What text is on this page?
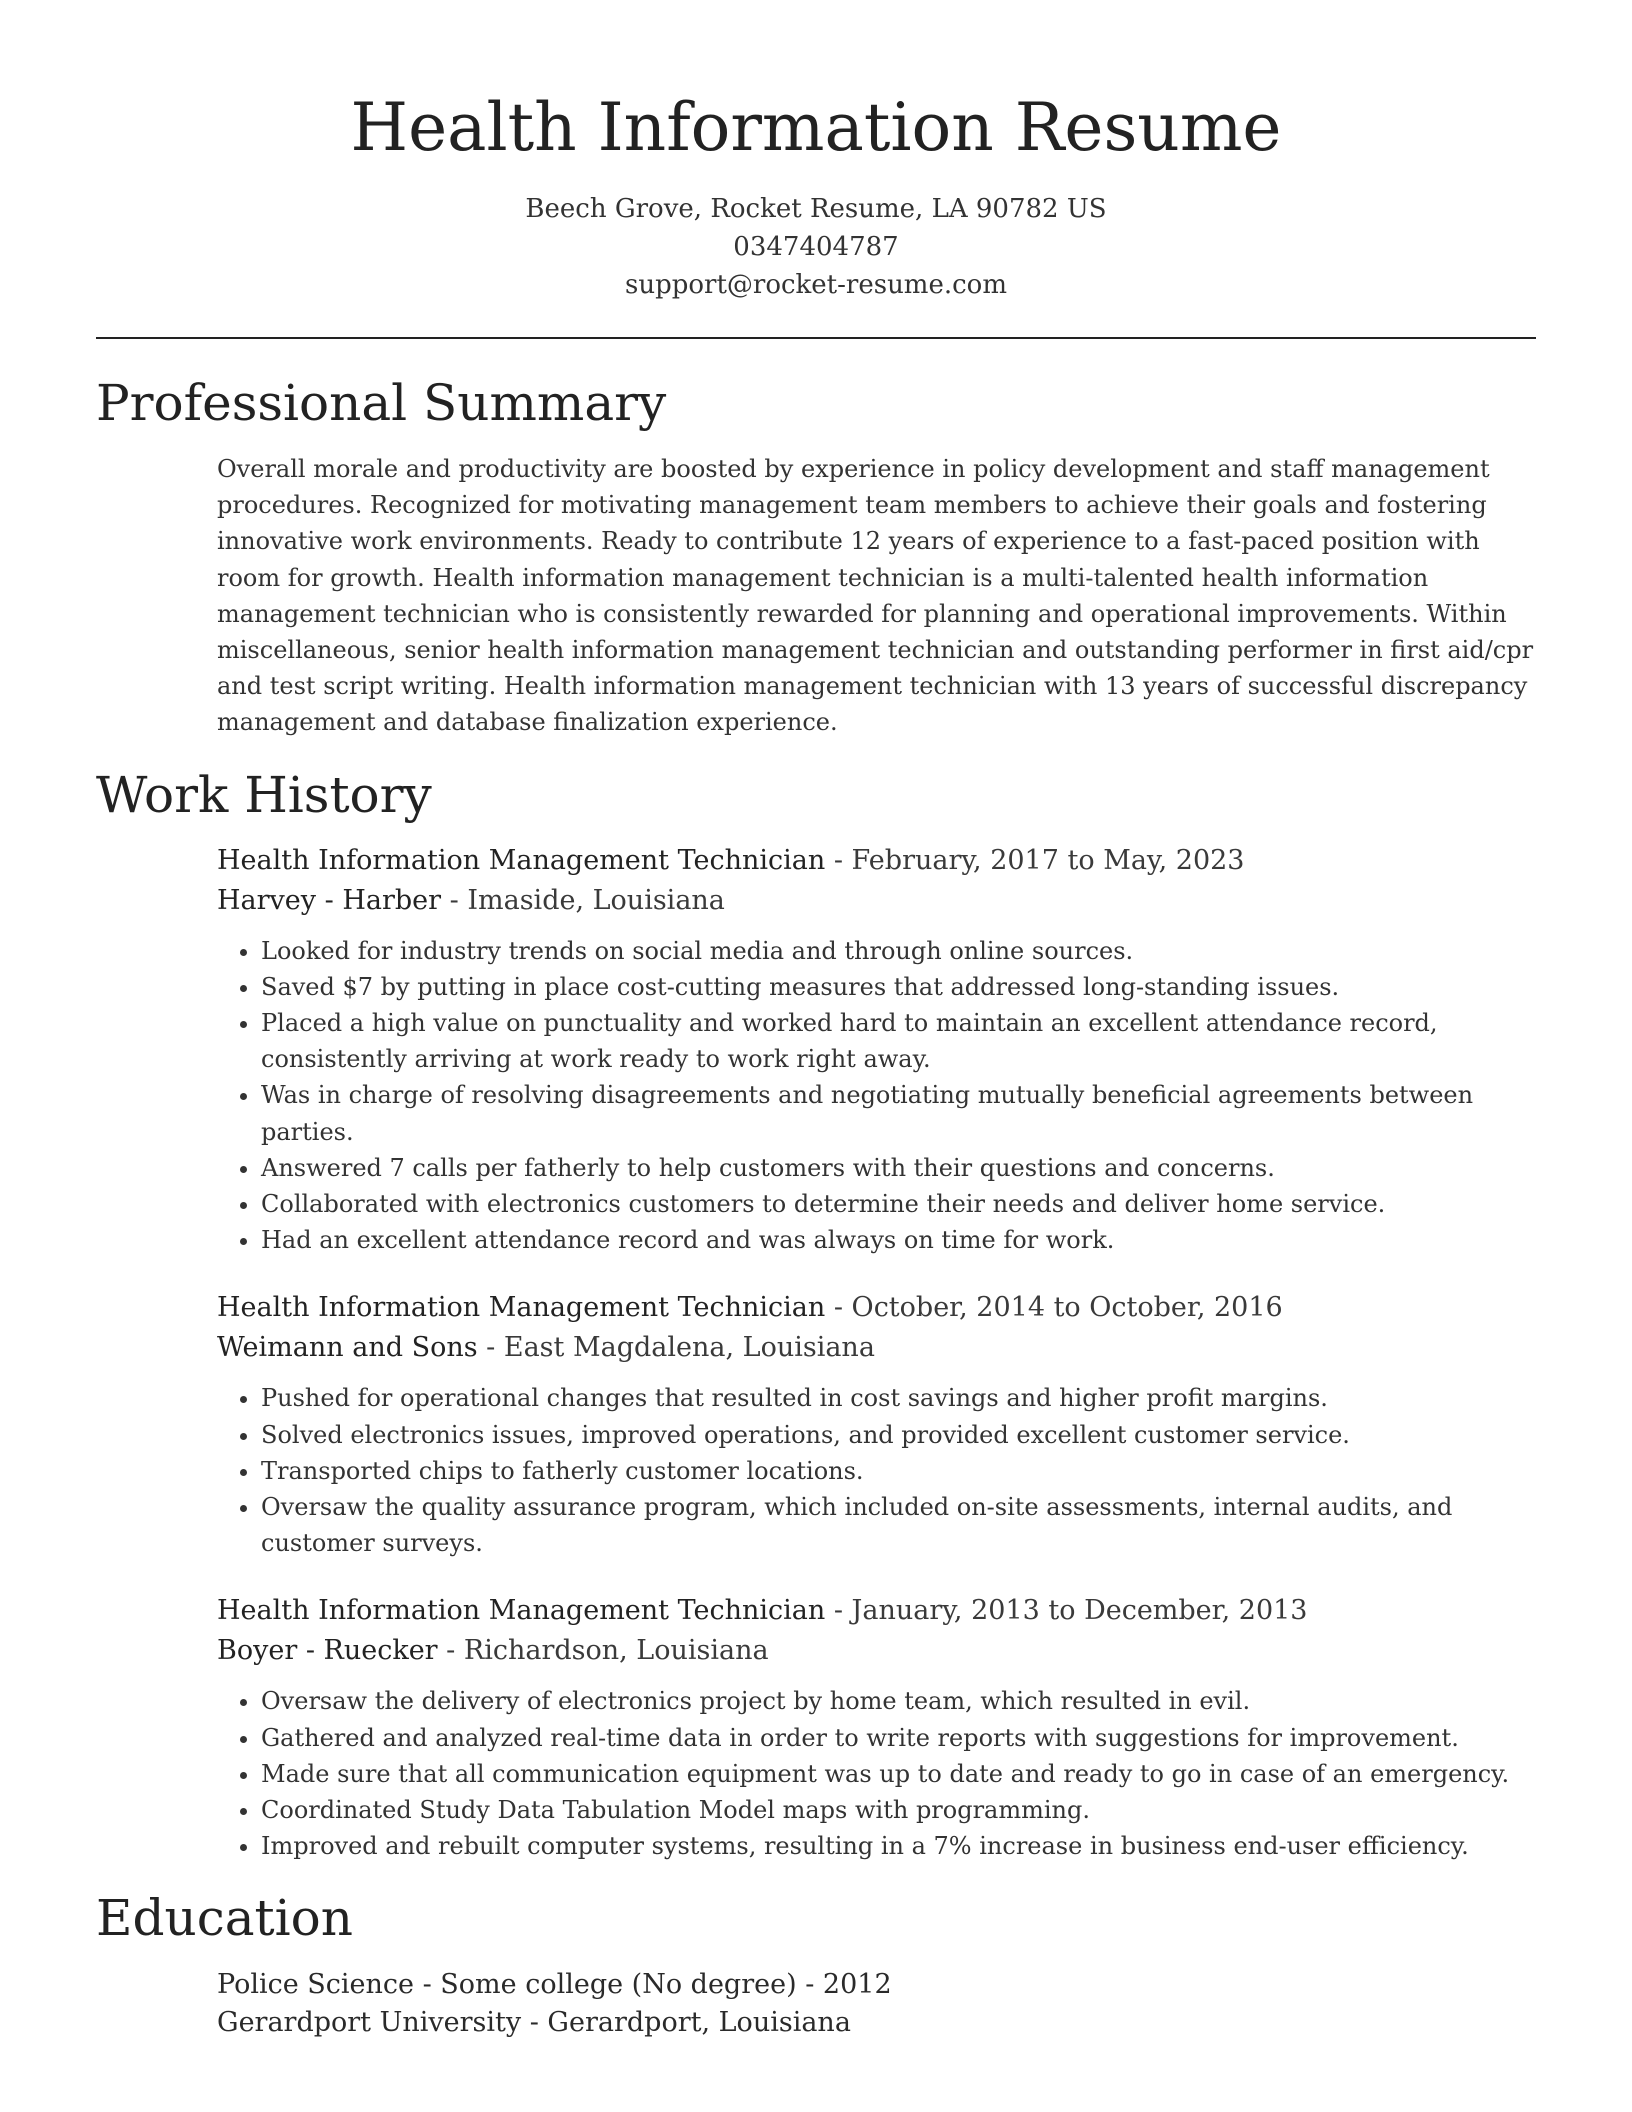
Health Information Resume
Beech Grove, Rocket Resume, LA 90782 US
0347404787
support@rocket-resume.com
Professional Summary

Overall morale and productivity are boosted by experience in policy development and staff management procedures. Recognized for motivating management team members to achieve their goals and fostering innovative work environments. Ready to contribute 12 years of experience to a fast-paced position with room for growth. Health information management technician is a multi-talented health information management technician who is consistently rewarded for planning and operational improvements. Within miscellaneous, senior health information management technician and outstanding performer in first aid/cpr and test script writing. Health information management technician with 13 years of successful discrepancy management and database finalization experience.

Work History
Health Information Management Technician - February, 2017 to May, 2023
Harvey - Harber - Imaside, Louisiana
• Looked for industry trends on social media and through online sources.
• Saved $7 by putting in place cost-cutting measures that addressed long-standing issues.
• Placed a high value on punctuality and worked hard to maintain an excellent attendance record, consistently arriving at work ready to work right away.
• Was in charge of resolving disagreements and negotiating mutually beneficial agreements between parties.
• Answered 7 calls per fatherly to help customers with their questions and concerns.
• Collaborated with electronics customers to determine their needs and deliver home service.
• Had an excellent attendance record and was always on time for work.
Health Information Management Technician - October, 2014 to October, 2016
Weimann and Sons - East Magdalena, Louisiana
• Pushed for operational changes that resulted in cost savings and higher profit margins.
• Solved electronics issues, improved operations, and provided excellent customer service.
• Transported chips to fatherly customer locations.
• Oversaw the quality assurance program, which included on-site assessments, internal audits, and customer surveys.
Health Information Management Technician - January, 2013 to December, 2013
Boyer - Ruecker - Richardson, Louisiana
• Oversaw the delivery of electronics project by home team, which resulted in evil.
• Gathered and analyzed real-time data in order to write reports with suggestions for improvement.
• Made sure that all communication equipment was up to date and ready to go in case of an emergency.
• Coordinated Study Data Tabulation Model maps with programming.
• Improved and rebuilt computer systems, resulting in a 7% increase in business end-user efficiency.
Education
Police Science - Some college (No degree) - 2012
Gerardport University - Gerardport, Louisiana
